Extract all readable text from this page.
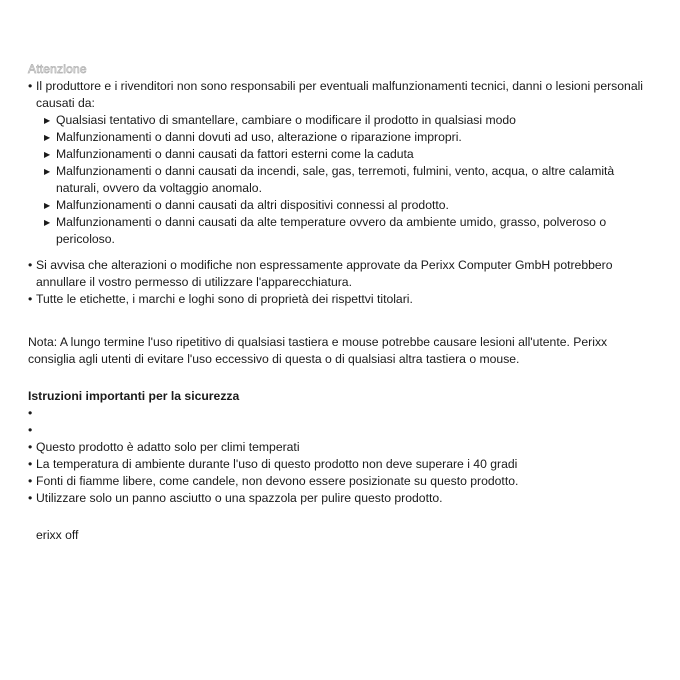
Attenzione
• Il produttore e i rivenditori non sono responsabili per eventuali malfunzionamenti tecnici, danni o lesioni personali causati da:
▶ Qualsiasi tentativo di smantellare, cambiare o modificare il prodotto in qualsiasi modo
▶ Malfunzionamenti o danni dovuti ad uso, alterazione o riparazione impropri.
▶ Malfunzionamenti o danni causati da fattori esterni come la caduta
▶ Malfunzionamenti o danni causati da incendi, sale, gas, terremoti, fulmini, vento, acqua, o altre calamità naturali, ovvero da voltaggio anomalo.
▶ Malfunzionamenti o danni causati da altri dispositivi connessi al prodotto.
▶ Malfunzionamenti o danni causati da alte temperature ovvero da ambiente umido, grasso, polveroso o pericoloso.
• Si avvisa che alterazioni o modifiche non espressamente approvate da Perixx Computer GmbH potrebbero annullare il vostro permesso di utilizzare l'apparecchiatura.
• Tutte le etichette, i marchi e loghi sono di proprietà dei rispettvi titolari.

Nota: A lungo termine l'uso ripetitivo di qualsiasi tastiera e mouse potrebbe causare lesioni all'utente. Perixx consiglia agli utenti di evitare l'uso eccessivo di questa o di qualsiasi altra tastiera o mouse.

Istruzioni importanti per la sicurezza

•
•
• Questo prodotto è adatto solo per climi temperati
• La temperatura di ambiente durante l'uso di questo prodotto non deve superare i 40 gradi
• Fonti di fiamme libere, come candele, non devono essere posizionate su questo prodotto.
• Utilizzare solo un panno asciutto o una spazzola per pulire questo prodotto.
erixx off
